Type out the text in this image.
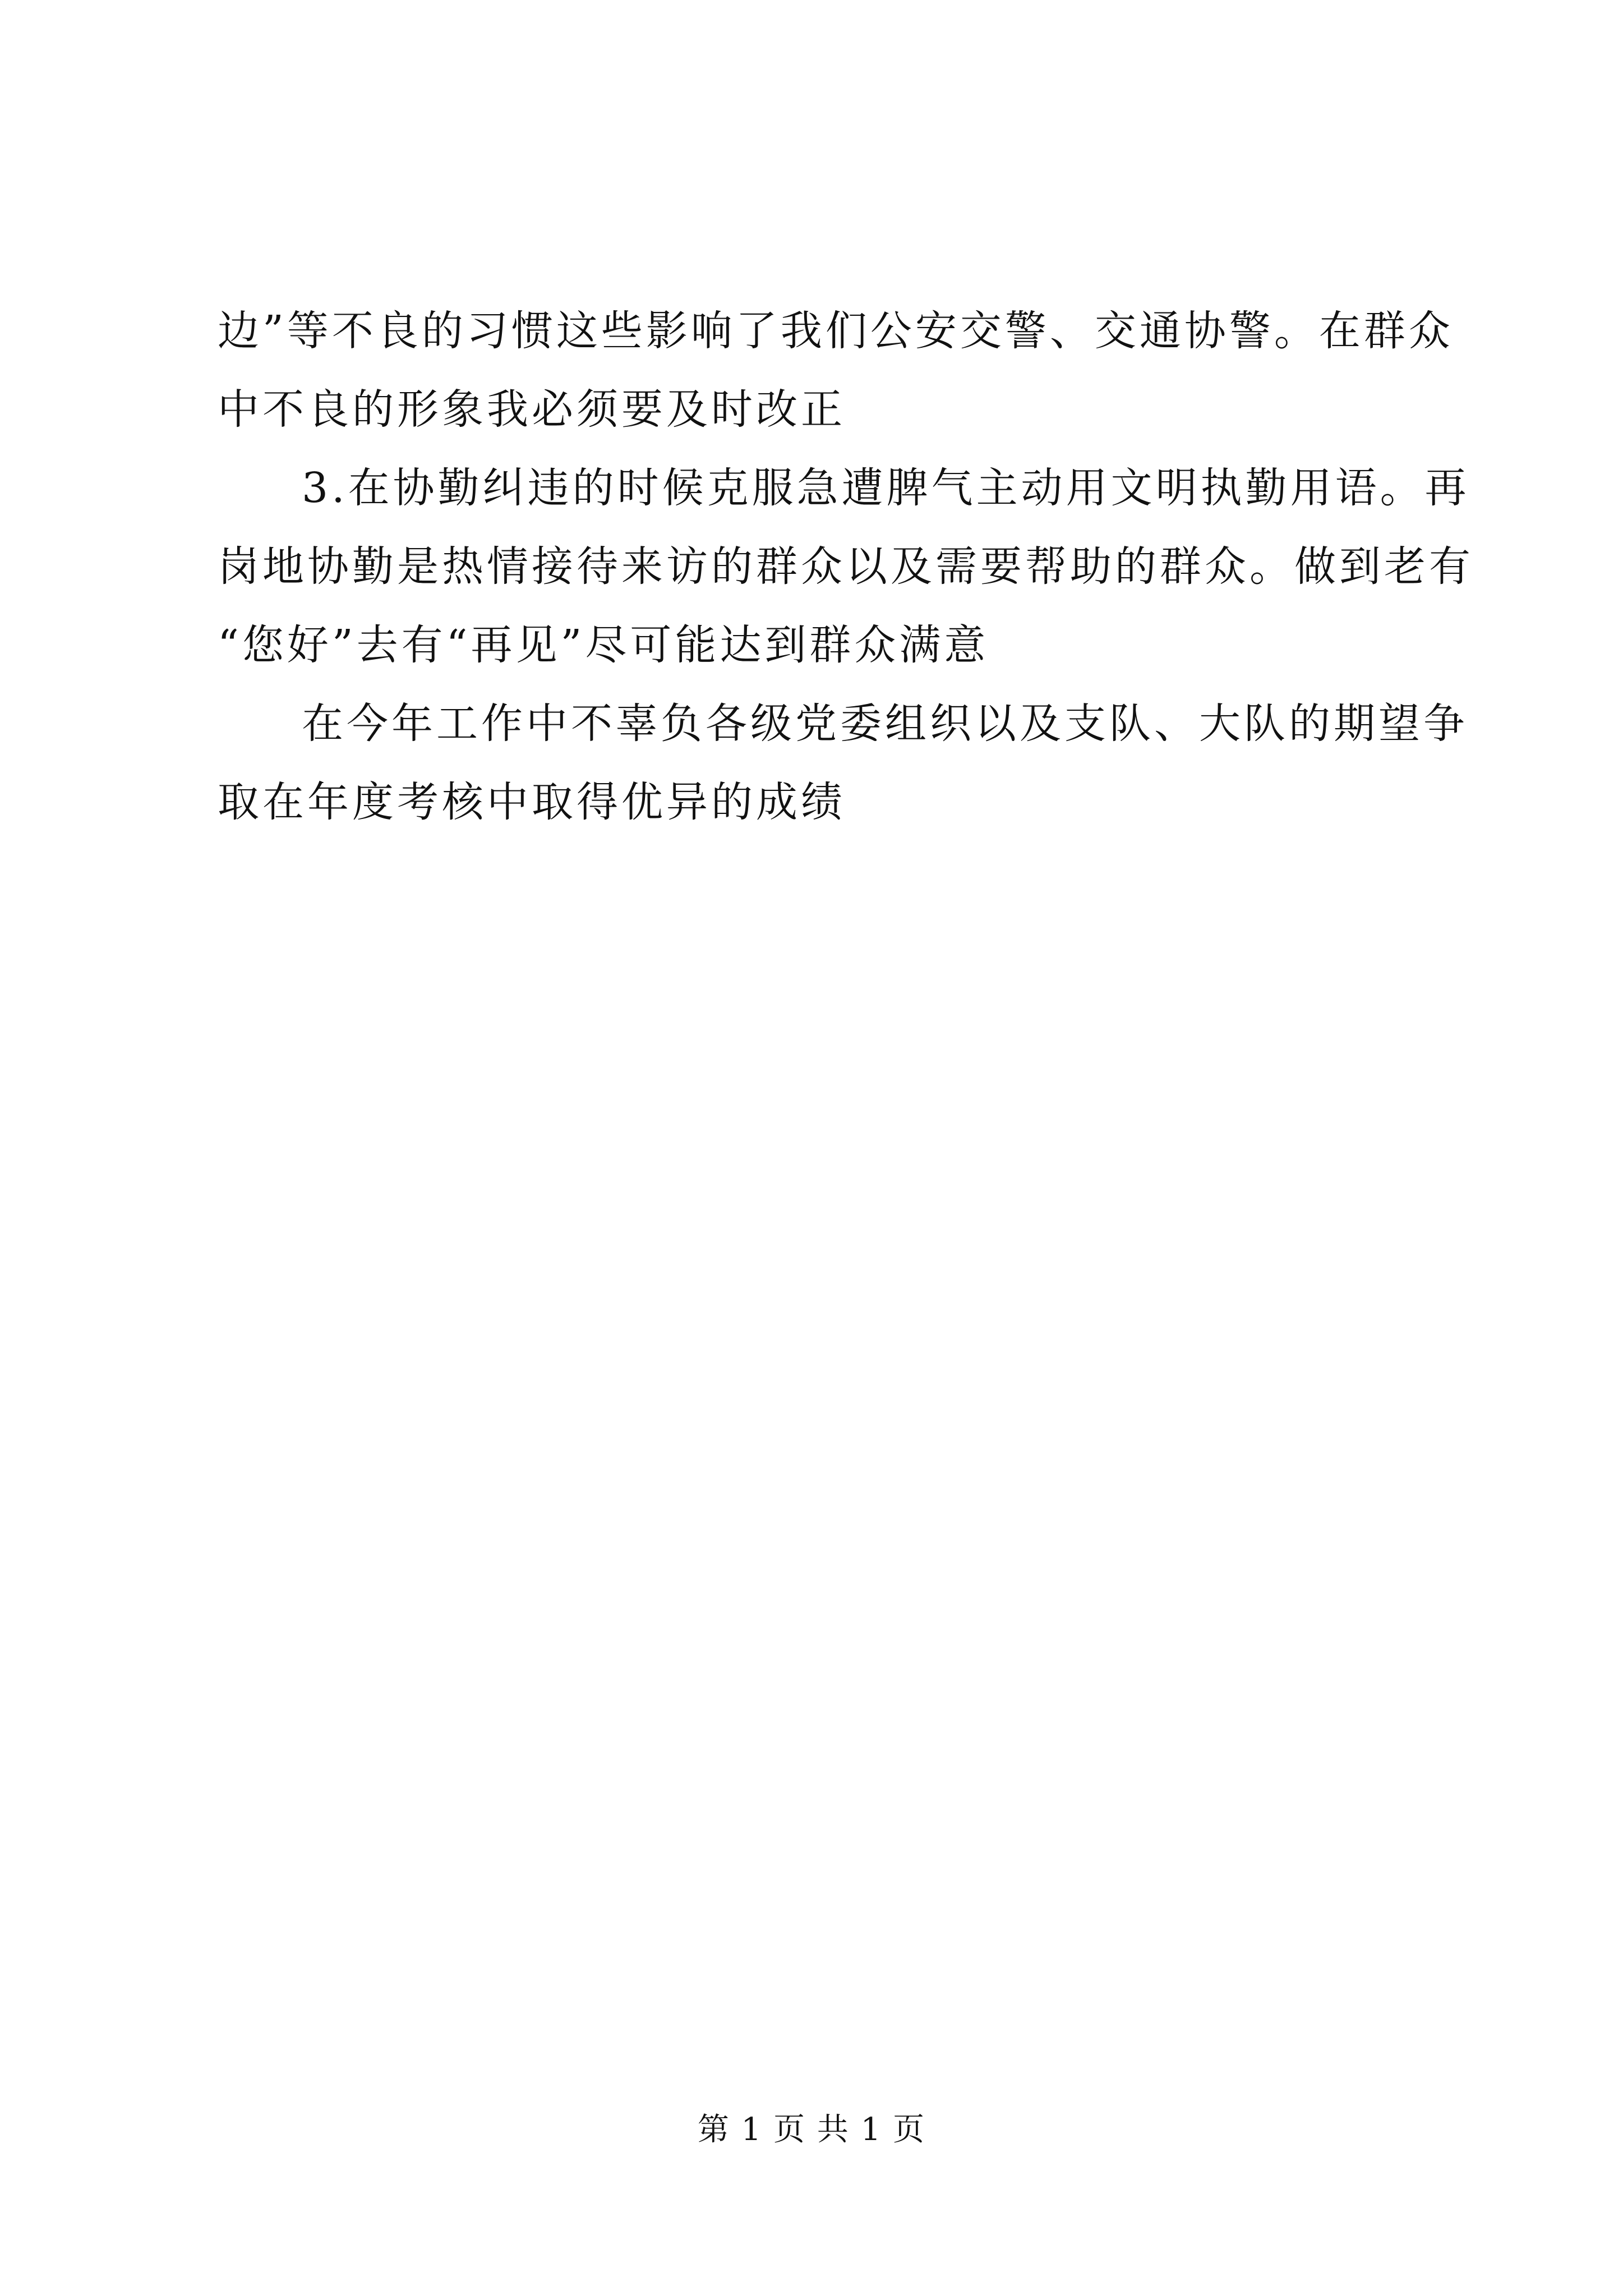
边”等不良的习惯这些影响了我们公安交警、交通协警。在群众
中不良的形象我必须要及时改正

3.在协勤纠违的时候克服急遭脾气主动用文明执勤用语。再
岗地协勤是热情接待来访的群众以及需要帮助的群众。做到老有
“您好”去有“再见”尽可能达到群众满意

在今年工作中不辜负各级党委组织以及支队、大队的期望争
取在年度考核中取得优异的成绩

第 1 页 共 1 页
